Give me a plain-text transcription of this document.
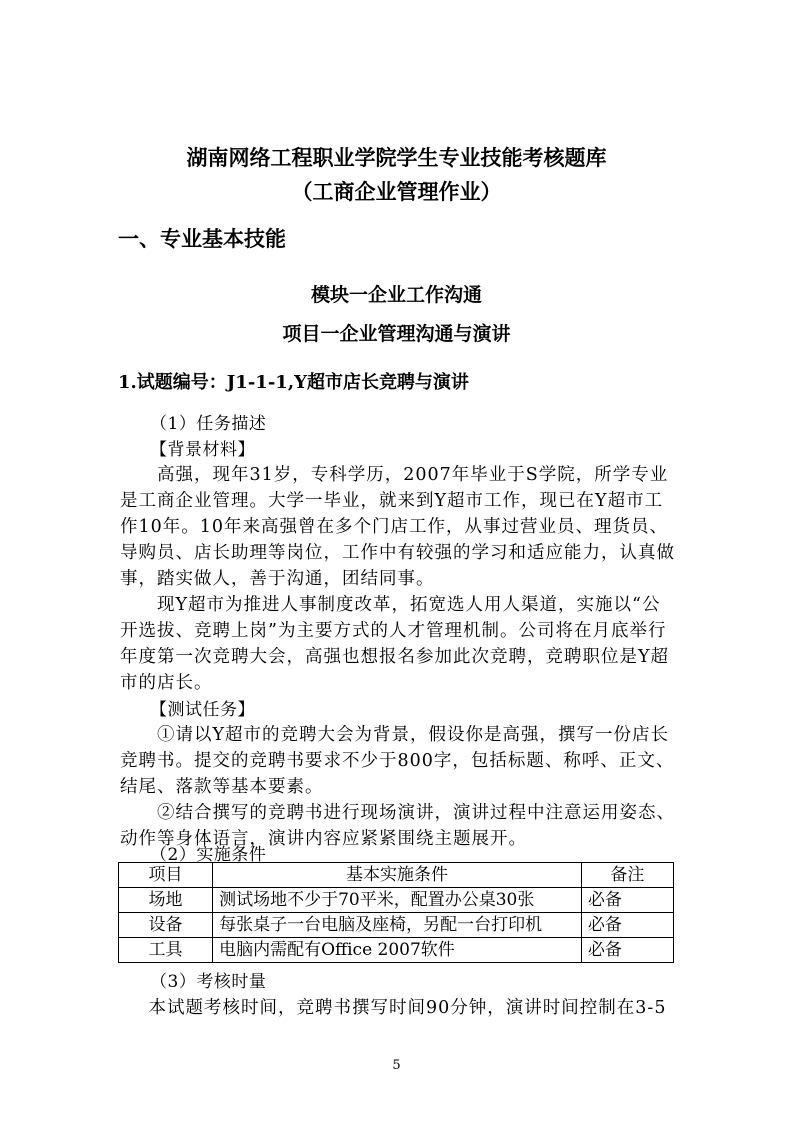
湖南网络工程职业学院学生专业技能考核题库
（工商企业管理作业）
一、专业基本技能
模块一企业工作沟通
项目一企业管理沟通与演讲
1.试题编号：J1-1-1,Y超市店长竞聘与演讲
（1）任务描述
【背景材料】
　　高强，现年31岁，专科学历，2007年毕业于S学院，所学专业
是工商企业管理。大学一毕业，就来到Y超市工作，现已在Y超市工
作10年。10年来高强曾在多个门店工作，从事过营业员、理货员、
导购员、店长助理等岗位，工作中有较强的学习和适应能力，认真做
事，踏实做人，善于沟通，团结同事。
　　现Y超市为推进人事制度改革，拓宽选人用人渠道，实施以“公
开选拔、竞聘上岗”为主要方式的人才管理机制。公司将在月底举行
年度第一次竞聘大会，高强也想报名参加此次竞聘，竞聘职位是Y超
市的店长。
【测试任务】
　　①请以Y超市的竞聘大会为背景，假设你是高强，撰写一份店长
竞聘书。提交的竞聘书要求不少于800字，包括标题、称呼、正文、
结尾、落款等基本要素。
　　②结合撰写的竞聘书进行现场演讲，演讲过程中注意运用姿态、
动作等身体语言，演讲内容应紧紧围绕主题展开。
（2）实施条件
项目	基本实施条件	备注
场地	测试场地不少于70平米，配置办公桌30张	必备
设备	每张桌子一台电脑及座椅，另配一台打印机	必备
工具	电脑内需配有Office 2007软件	必备
（3）考核时量
　本试题考核时间，竞聘书撰写时间90分钟，演讲时间控制在3-5
5
